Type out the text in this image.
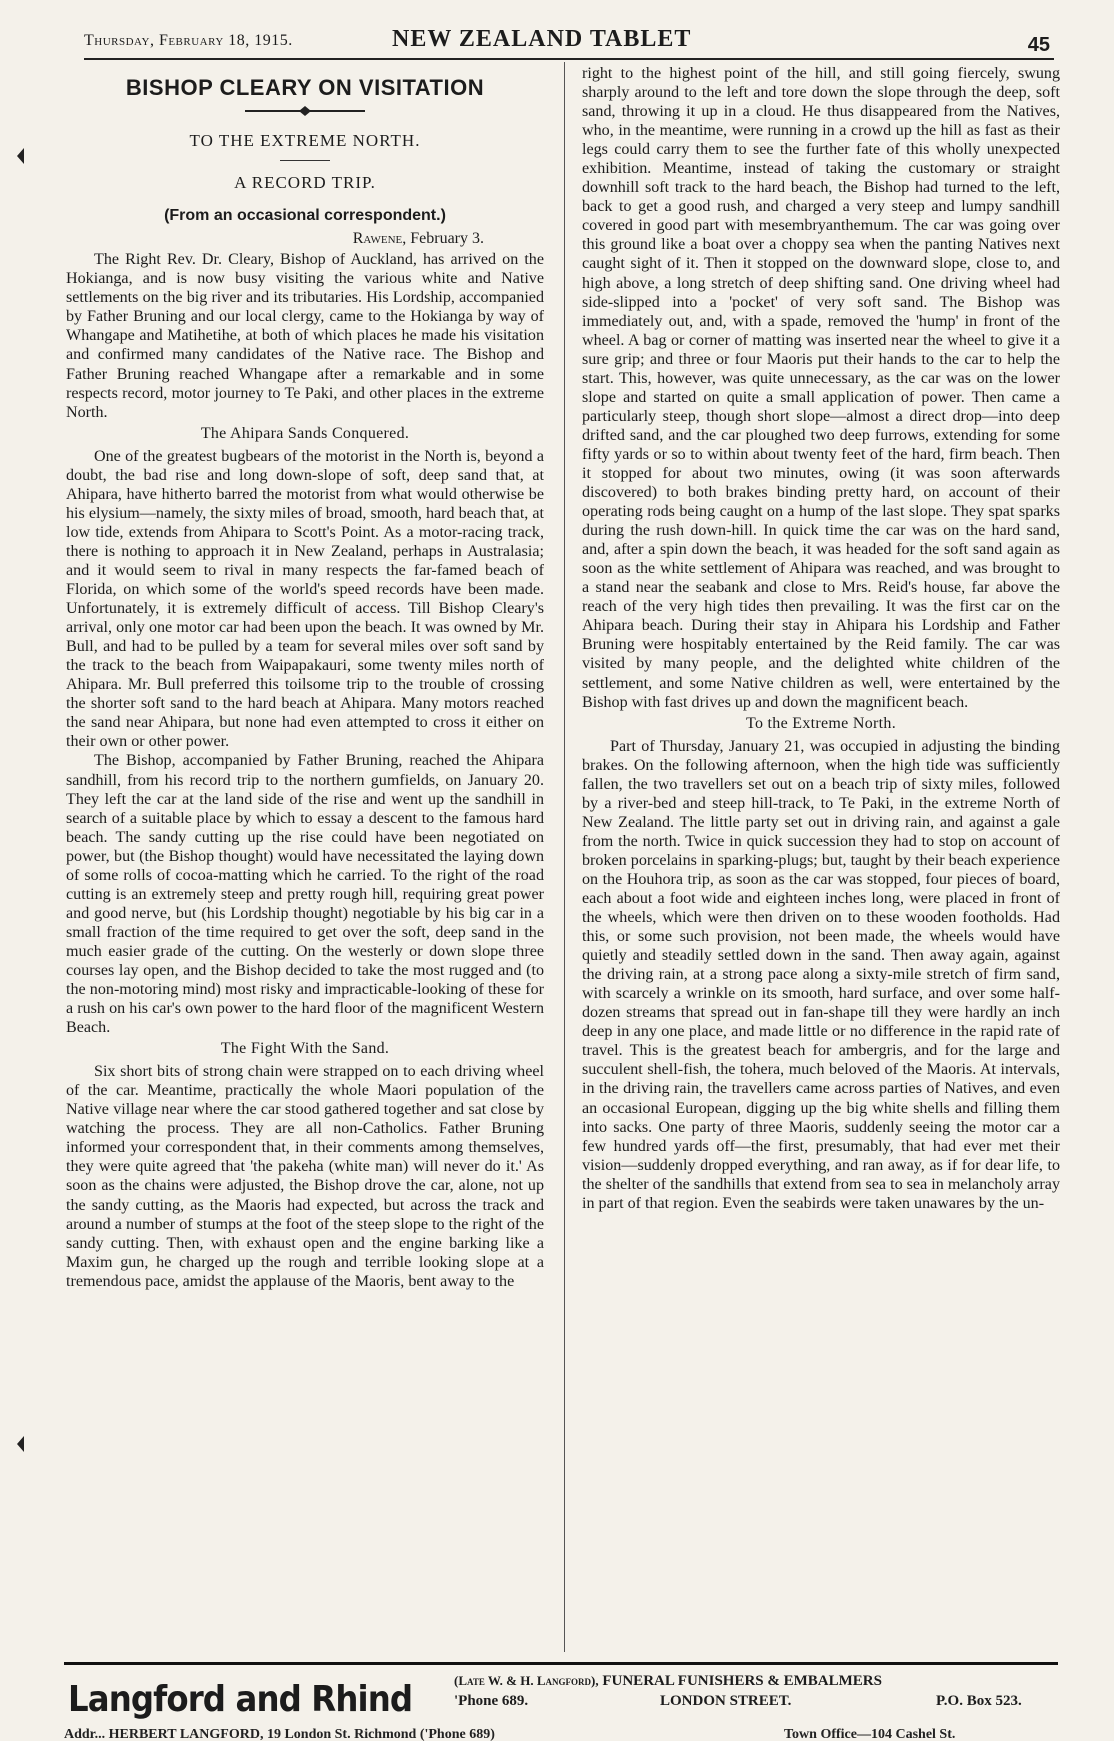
Thursday, February 18, 1915.	NEW ZEALAND TABLET	45
BISHOP CLEARY ON VISITATION
TO THE EXTREME NORTH.
A RECORD TRIP.
(From an occasional correspondent.)
Rawene, February 3.

The Right Rev. Dr. Cleary, Bishop of Auckland, has arrived on the Hokianga, and is now busy visiting the various white and Native settlements on the big river and its tributaries. His Lordship, accompanied by Father Bruning and our local clergy, came to the Hokianga by way of Whangape and Matihetihe, at both of which places he made his visitation and confirmed many candidates of the Native race. The Bishop and Father Bruning reached Whangape after a remarkable and in some respects record, motor journey to Te Paki, and other places in the extreme North.

The Ahipara Sands Conquered.

One of the greatest bugbears of the motorist in the North is, beyond a doubt, the bad rise and long down-slope of soft, deep sand that, at Ahipara, have hitherto barred the motorist from what would otherwise be his elysium—namely, the sixty miles of broad, smooth, hard beach that, at low tide, extends from Ahipara to Scott's Point. As a motor-racing track, there is nothing to approach it in New Zealand, perhaps in Australasia; and it would seem to rival in many respects the far-famed beach of Florida, on which some of the world's speed records have been made. Unfortunately, it is extremely difficult of access. Till Bishop Cleary's arrival, only one motor car had been upon the beach. It was owned by Mr. Bull, and had to be pulled by a team for several miles over soft sand by the track to the beach from Waipapakauri, some twenty miles north of Ahipara. Mr. Bull preferred this toilsome trip to the trouble of crossing the shorter soft sand to the hard beach at Ahipara. Many motors reached the sand near Ahipara, but none had even attempted to cross it either on their own or other power.

The Bishop, accompanied by Father Bruning, reached the Ahipara sandhill, from his record trip to the northern gumfields, on January 20. They left the car at the land side of the rise and went up the sandhill in search of a suitable place by which to essay a descent to the famous hard beach. The sandy cutting up the rise could have been negotiated on power, but (the Bishop thought) would have necessitated the laying down of some rolls of cocoa-matting which he carried. To the right of the road cutting is an extremely steep and pretty rough hill, requiring great power and good nerve, but (his Lordship thought) negotiable by his big car in a small fraction of the time required to get over the soft, deep sand in the much easier grade of the cutting. On the westerly or down slope three courses lay open, and the Bishop decided to take the most rugged and (to the non-motoring mind) most risky and impracticable-looking of these for a rush on his car's own power to the hard floor of the magnificent Western Beach.

The Fight With the Sand.

Six short bits of strong chain were strapped on to each driving wheel of the car. Meantime, practically the whole Maori population of the Native village near where the car stood gathered together and sat close by watching the process. They are all non-Catholics. Father Bruning informed your correspondent that, in their comments among themselves, they were quite agreed that 'the pakeha (white man) will never do it.' As soon as the chains were adjusted, the Bishop drove the car, alone, not up the sandy cutting, as the Maoris had expected, but across the track and around a number of stumps at the foot of the steep slope to the right of the sandy cutting. Then, with exhaust open and the engine barking like a Maxim gun, he charged up the rough and terrible looking slope at a tremendous pace, amidst the applause of the Maoris, bent away to the

right to the highest point of the hill, and still going fiercely, swung sharply around to the left and tore down the slope through the deep, soft sand, throwing it up in a cloud. He thus disappeared from the Natives, who, in the meantime, were running in a crowd up the hill as fast as their legs could carry them to see the further fate of this wholly unexpected exhibition. Meantime, instead of taking the customary or straight downhill soft track to the hard beach, the Bishop had turned to the left, back to get a good rush, and charged a very steep and lumpy sandhill covered in good part with mesembryanthemum. The car was going over this ground like a boat over a choppy sea when the panting Natives next caught sight of it. Then it stopped on the downward slope, close to, and high above, a long stretch of deep shifting sand. One driving wheel had side-slipped into a 'pocket' of very soft sand. The Bishop was immediately out, and, with a spade, removed the 'hump' in front of the wheel. A bag or corner of matting was inserted near the wheel to give it a sure grip; and three or four Maoris put their hands to the car to help the start. This, however, was quite unnecessary, as the car was on the lower slope and started on quite a small application of power. Then came a particularly steep, though short slope—almost a direct drop—into deep drifted sand, and the car ploughed two deep furrows, extending for some fifty yards or so to within about twenty feet of the hard, firm beach. Then it stopped for about two minutes, owing (it was soon afterwards discovered) to both brakes binding pretty hard, on account of their operating rods being caught on a hump of the last slope. They spat sparks during the rush down-hill. In quick time the car was on the hard sand, and, after a spin down the beach, it was headed for the soft sand again as soon as the white settlement of Ahipara was reached, and was brought to a stand near the seabank and close to Mrs. Reid's house, far above the reach of the very high tides then prevailing. It was the first car on the Ahipara beach. During their stay in Ahipara his Lordship and Father Bruning were hospitably entertained by the Reid family. The car was visited by many people, and the delighted white children of the settlement, and some Native children as well, were entertained by the Bishop with fast drives up and down the magnificent beach.

To the Extreme North.

Part of Thursday, January 21, was occupied in adjusting the binding brakes. On the following afternoon, when the high tide was sufficiently fallen, the two travellers set out on a beach trip of sixty miles, followed by a river-bed and steep hill-track, to Te Paki, in the extreme North of New Zealand. The little party set out in driving rain, and against a gale from the north. Twice in quick succession they had to stop on account of broken porcelains in sparking-plugs; but, taught by their beach experience on the Houhora trip, as soon as the car was stopped, four pieces of board, each about a foot wide and eighteen inches long, were placed in front of the wheels, which were then driven on to these wooden footholds. Had this, or some such provision, not been made, the wheels would have quietly and steadily settled down in the sand. Then away again, against the driving rain, at a strong pace along a sixty-mile stretch of firm sand, with scarcely a wrinkle on its smooth, hard surface, and over some half-dozen streams that spread out in fan-shape till they were hardly an inch deep in any one place, and made little or no difference in the rapid rate of travel. This is the greatest beach for ambergris, and for the large and succulent shell-fish, the tohera, much beloved of the Maoris. At intervals, in the driving rain, the travellers came across parties of Natives, and even an occasional European, digging up the big white shells and filling them into sacks. One party of three Maoris, suddenly seeing the motor car a few hundred yards off—the first, presumably, that had ever met their vision—suddenly dropped everything, and ran away, as if for dear life, to the shelter of the sandhills that extend from sea to sea in melancholy array in part of that region. Even the seabirds were taken unawares by the un-

Langford and Rhind	(Late W. & H. Langford), FUNERAL FUNISHERS & EMBALMERS
'Phone 689.	LONDON STREET.	P.O. Box 523.
Addr... HERBERT LANGFORD, 19 London St. Richmond ('Phone 689)	Town Office—104 Cashel St.
